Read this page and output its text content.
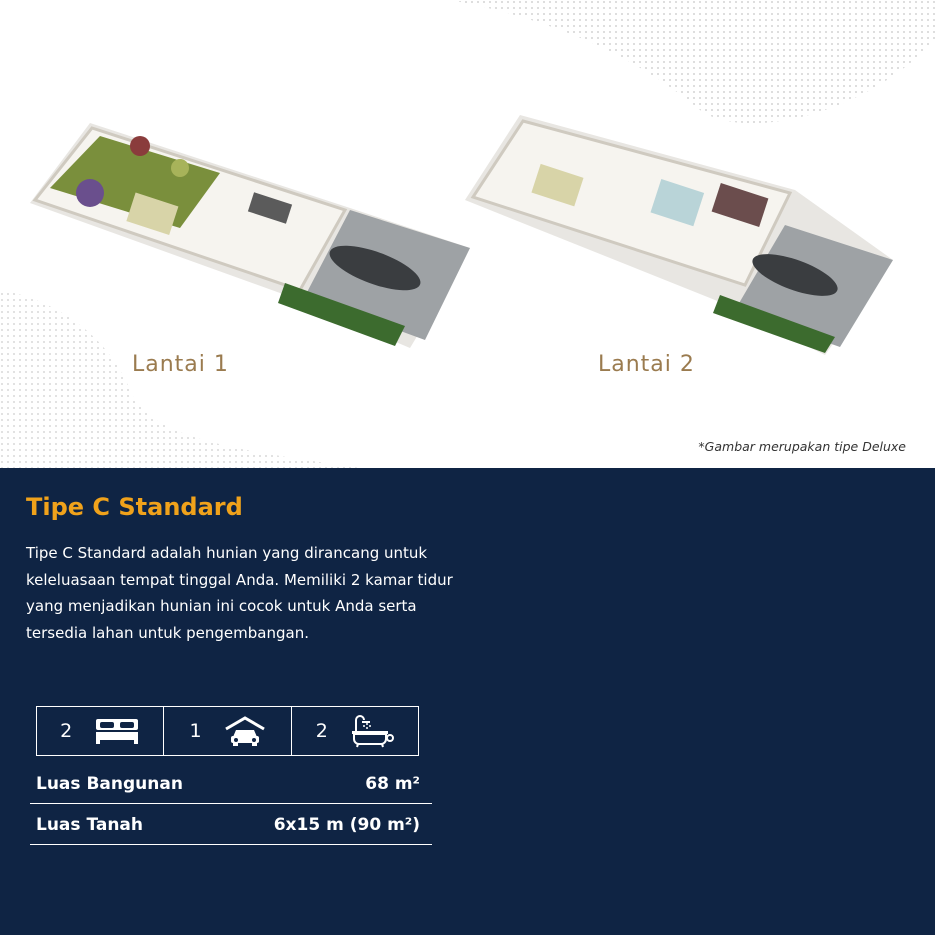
Lantai 1	Lantai 2
*Gambar merupakan tipe Deluxe
Tipe C Standard
Tipe C Standard adalah hunian yang dirancang untuk keleluasaan tempat tinggal Anda. Memiliki 2 kamar tidur yang menjadikan hunian ini cocok untuk Anda serta tersedia lahan untuk pengembangan.
2	1	2
Luas Bangunan	68 m²
Luas Tanah	6x15 m (90 m²)
